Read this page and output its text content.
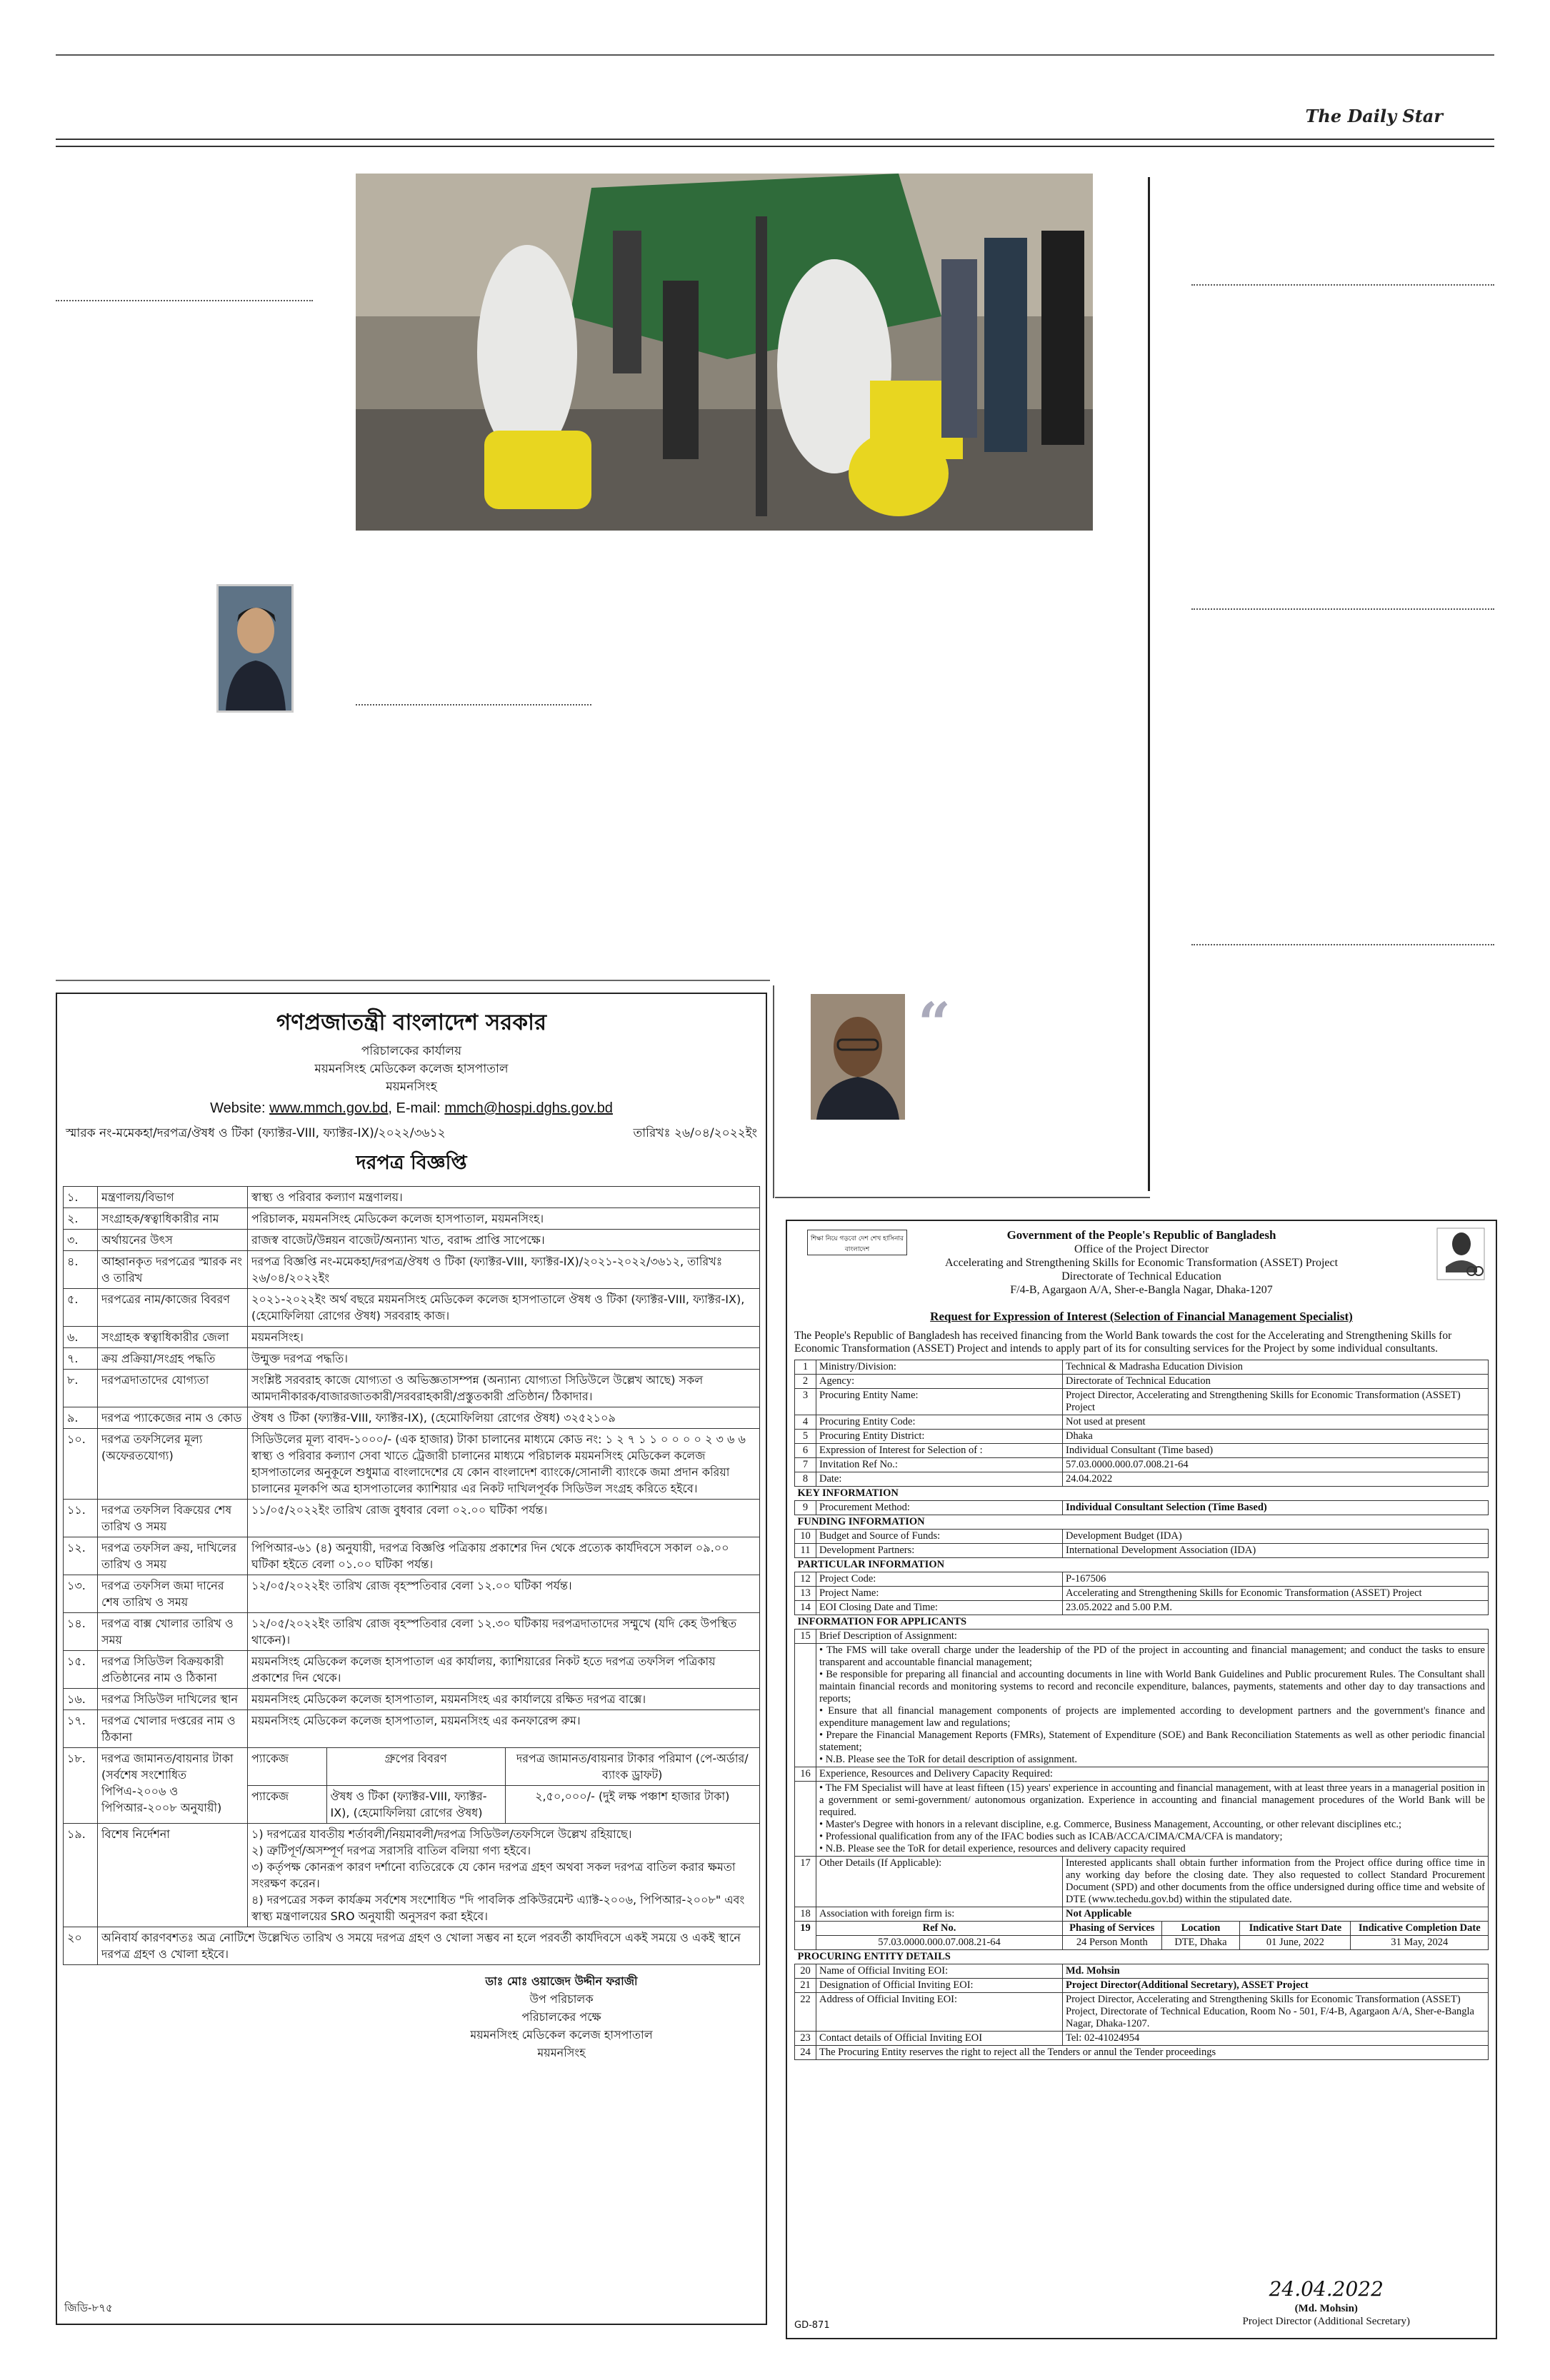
The Daily Star
“
গণপ্রজাতন্ত্রী বাংলাদেশ সরকার
পরিচালকের কার্যালয়
ময়মনসিংহ মেডিকেল কলেজ হাসপাতাল
ময়মনসিংহ
Website: www.mmch.gov.bd, E-mail: mmch@hospi.dghs.gov.bd
স্মারক নং-মমেকহা/দরপত্র/ঔষধ ও টিকা (ফ্যাক্টর-VIII, ফ্যাক্টর-IX)/২০২২/৩৬১২	তারিখঃ ২৬/০৪/২০২২ইং
দরপত্র বিজ্ঞপ্তি
১.	মন্ত্রণালয়/বিভাগ	স্বাস্থ্য ও পরিবার কল্যাণ মন্ত্রণালয়।
২.	সংগ্রাহক/স্বত্বাধিকারীর নাম	পরিচালক, ময়মনসিংহ মেডিকেল কলেজ হাসপাতাল, ময়মনসিংহ।
৩.	অর্থায়নের উৎস	রাজস্ব বাজেট/উন্নয়ন বাজেট/অন্যান্য খাত, বরাদ্দ প্রাপ্তি সাপেক্ষে।
৪.	আহ্বানকৃত দরপত্রের স্মারক নং ও তারিখ	দরপত্র বিজ্ঞপ্তি নং-মমেকহা/দরপত্র/ঔষধ ও টিকা (ফ্যাক্টর-VIII, ফ্যাক্টর-IX)/২০২১-২০২২/৩৬১২, তারিখঃ ২৬/০৪/২০২২ইং
৫.	দরপত্রের নাম/কাজের বিবরণ	২০২১-২০২২ইং অর্থ বছরে ময়মনসিংহ মেডিকেল কলেজ হাসপাতালে ঔষধ ও টিকা (ফ্যাক্টর-VIII, ফ্যাক্টর-IX), (হেমোফিলিয়া রোগের ঔষধ) সরবরাহ কাজ।
৬.	সংগ্রাহক স্বত্বাধিকারীর জেলা	ময়মনসিংহ।
৭.	ক্রয় প্রক্রিয়া/সংগ্রহ পদ্ধতি	উন্মুক্ত দরপত্র পদ্ধতি।
৮.	দরপত্রদাতাদের যোগ্যতা	সংশ্লিষ্ট সরবরাহ কাজে যোগ্যতা ও অভিজ্ঞতাসম্পন্ন (অন্যান্য যোগ্যতা সিডিউলে উল্লেখ আছে) সকল আমদানীকারক/বাজারজাতকারী/সরবরাহকারী/প্রস্তুতকারী প্রতিষ্ঠান/ ঠিকাদার।
৯.	দরপত্র প্যাকেজের নাম ও কোড	ঔষধ ও টিকা (ফ্যাক্টর-VIII, ফ্যাক্টর-IX), (হেমোফিলিয়া রোগের ঔষধ) ৩২৫২১০৯
১০.	দরপত্র তফসিলের মূল্য (অফেরতযোগ্য)	সিডিউলের মূল্য বাবদ-১০০০/- (এক হাজার) টাকা চালানের মাধ্যমে কোড নং: ১ ২ ৭ ১ ১ ০ ০ ০ ০ ২ ৩ ৬ ৬ স্বাস্থ্য ও পরিবার কল্যাণ সেবা খাতে ট্রেজারী চালানের মাধ্যমে পরিচালক ময়মনসিংহ মেডিকেল কলেজ হাসপাতালের অনুকূলে শুধুমাত্র বাংলাদেশের যে কোন বাংলাদেশ ব্যাংকে/সোনালী ব্যাংকে জমা প্রদান করিয়া চালানের মূলকপি অত্র হাসপাতালের ক্যাশিয়ার এর নিকট দাখিলপূর্বক সিডিউল সংগ্রহ করিতে হইবে।
১১.	দরপত্র তফসিল বিক্রয়ের শেষ তারিখ ও সময়	১১/০৫/২০২২ইং তারিখ রোজ বুধবার বেলা ০২.০০ ঘটিকা পর্যন্ত।
১২.	দরপত্র তফসিল ক্রয়, দাখিলের তারিখ ও সময়	পিপিআর-৬১ (৪) অনুযায়ী, দরপত্র বিজ্ঞপ্তি পত্রিকায় প্রকাশের দিন থেকে প্রত্যেক কার্যদিবসে সকাল ০৯.০০ ঘটিকা হইতে বেলা ০১.০০ ঘটিকা পর্যন্ত।
১৩.	দরপত্র তফসিল জমা দানের শেষ তারিখ ও সময়	১২/০৫/২০২২ইং তারিখ রোজ বৃহস্পতিবার বেলা ১২.০০ ঘটিকা পর্যন্ত।
১৪.	দরপত্র বাক্স খোলার তারিখ ও সময়	১২/০৫/২০২২ইং তারিখ রোজ বৃহস্পতিবার বেলা ১২.৩০ ঘটিকায় দরপত্রদাতাদের সম্মুখে (যদি কেহ উপস্থিত থাকেন)।
১৫.	দরপত্র সিডিউল বিক্রয়কারী প্রতিষ্ঠানের নাম ও ঠিকানা	ময়মনসিংহ মেডিকেল কলেজ হাসপাতাল এর কার্যালয়, ক্যাশিয়ারের নিকট হতে দরপত্র তফসিল পত্রিকায় প্রকাশের দিন থেকে।
১৬.	দরপত্র সিডিউল দাখিলের স্থান	ময়মনসিংহ মেডিকেল কলেজ হাসপাতাল, ময়মনসিংহ এর কার্যালয়ে রক্ষিত দরপত্র বাক্সে।
১৭.	দরপত্র খোলার দপ্তরের নাম ও ঠিকানা	ময়মনসিংহ মেডিকেল কলেজ হাসপাতাল, ময়মনসিংহ এর কনফারেন্স রুম।
১৮.	দরপত্র জামানত/বায়নার টাকা (সর্বশেষ সংশোধিত পিপিএ-২০০৬ ও পিপিআর-২০০৮ অনুযায়ী)	
প্যাকেজ	গ্রুপের বিবরণ	দরপত্র জামানত/বায়নার টাকার পরিমাণ (পে-অর্ডার/ব্যাংক ড্রাফট)
প্যাকেজ	ঔষধ ও টিকা (ফ্যাক্টর-VIII, ফ্যাক্টর-IX), (হেমোফিলিয়া রোগের ঔষধ)	২,৫০,০০০/- (দুই লক্ষ পঞ্চাশ হাজার টাকা)

১৯.	বিশেষ নির্দেশনা	১) দরপত্রের যাবতীয় শর্তাবলী/নিয়মাবলী/দরপত্র সিডিউল/তফসিলে উল্লেখ রহিয়াছে।
২) ত্রুটিপূর্ণ/অসম্পূর্ণ দরপত্র সরাসরি বাতিল বলিয়া গণ্য হইবে।
৩) কর্তৃপক্ষ কোনরূপ কারণ দর্শানো ব্যতিরেকে যে কোন দরপত্র গ্রহণ অথবা সকল দরপত্র বাতিল করার ক্ষমতা সংরক্ষণ করেন।
৪) দরপত্রের সকল কার্যক্রম সর্বশেষ সংশোধিত "দি পাবলিক প্রকিউরমেন্ট এ্যাক্ট-২০০৬, পিপিআর-২০০৮" এবং স্বাস্থ্য মন্ত্রণালয়ের SRO অনুযায়ী অনুসরণ করা হইবে।

২০	অনিবার্য কারণবশতঃ অত্র নোটিশে উল্লেখিত তারিখ ও সময়ে দরপত্র গ্রহণ ও খোলা সম্ভব না হলে পরবর্তী কার্যদিবসে একই সময়ে ও একই স্থানে দরপত্র গ্রহণ ও খোলা হইবে।
ডাঃ মোঃ ওয়াজেদ উদ্দীন ফরাজী
উপ পরিচালক
পরিচালকের পক্ষে
ময়মনসিংহ মেডিকেল কলেজ হাসপাতাল
ময়মনসিংহ
জিডি-৮৭৫
শিক্ষা নিয়ে গড়বো দেশ শেখ হাসিনার বাংলাদেশ
Government of the People's Republic of Bangladesh
Office of the Project Director
Accelerating and Strengthening Skills for Economic Transformation (ASSET) Project
Directorate of Technical Education
F/4-B, Agargaon A/A, Sher-e-Bangla Nagar, Dhaka-1207
Request for Expression of Interest (Selection of Financial Management Specialist)
The People's Republic of Bangladesh has received financing from the World Bank towards the cost for the Accelerating and Strengthening Skills for Economic Transformation (ASSET) Project and intends to apply part of its for consulting services for the Project by some individual consultants.
1	Ministry/Division:	Technical & Madrasha Education Division			
2	Agency:	Directorate of Technical Education			
3	Procuring Entity Name:	Project Director, Accelerating and Strengthening Skills for Economic Transformation (ASSET) Project			
4	Procuring Entity Code:	Not used at present			
5	Procuring Entity District:	Dhaka			
6	Expression of Interest for Selection of :	Individual Consultant (Time based)			
7	Invitation Ref No.:	57.03.0000.000.07.008.21-64			
8	Date:	24.04.2022			
KEY INFORMATION					
9	Procurement Method:	Individual Consultant Selection (Time Based)			
FUNDING INFORMATION					
10	Budget and Source of Funds:	Development Budget (IDA)			
11	Development Partners:	International Development Association (IDA)			
PARTICULAR INFORMATION					
12	Project Code:	P-167506			
13	Project Name:	Accelerating and Strengthening Skills for Economic Transformation (ASSET) Project			
14	EOI Closing Date and Time:	23.05.2022 and 5.00 P.M.			
INFORMATION FOR APPLICANTS					
15	Brief Description of Assignment:				

	• The FMS will take overall charge under the leadership of the PD of the project in accounting and financial management; and conduct the tasks to ensure transparent and accountable financial management;
• Be responsible for preparing all financial and accounting documents in line with World Bank Guidelines and Public procurement Rules. The Consultant shall maintain financial records and monitoring systems to record and reconcile expenditure, balances, payments, statements and other day to day transactions and reports;
• Ensure that all financial management components of projects are implemented according to development partners and the government's finance and expenditure management law and regulations;
• Prepare the Financial Management Reports (FMRs), Statement of Expenditure (SOE) and Bank Reconciliation Statements as well as other periodic financial statement;
• N.B. Please see the ToR for detail description of assignment.				

16	Experience, Resources and Delivery Capacity Required:				

	• The FM Specialist will have at least fifteen (15) years' experience in accounting and financial management, with at least three years in a managerial position in a government or semi-government/ autonomous organization. Experience in accounting and financial management procedures of the World Bank will be required.
• Master's Degree with honors in a relevant discipline, e.g. Commerce, Business Management, Accounting, or other relevant disciplines etc.;
• Professional qualification from any of the IFAC bodies such as ICAB/ACCA/CIMA/CMA/CFA is mandatory;
• N.B. Please see the ToR for detail experience, resources and delivery capacity required				

17	Other Details (If Applicable):	Interested applicants shall obtain further information from the Project office during office time in any working day before the closing date. They also requested to collect Standard Procurement Document (SPD) and other documents from the office undersigned during office time and website of DTE (www.techedu.gov.bd) within the stipulated date.			
18	Association with foreign firm is:	Not Applicable			
19	Ref No.	Phasing of Services	Location	Indicative Start Date	Indicative Completion Date
	57.03.0000.000.07.008.21-64	24 Person Month	DTE, Dhaka	01 June, 2022	31 May, 2024
PROCURING ENTITY DETAILS					
20	Name of Official Inviting EOI:	Md. Mohsin			
21	Designation of Official Inviting EOI:	Project Director(Additional Secretary), ASSET Project			
22	Address of Official Inviting EOI:	Project Director, Accelerating and Strengthening Skills for Economic Transformation (ASSET) Project, Directorate of Technical Education, Room No - 501, F/4-B, Agargaon A/A, Sher-e-Bangla Nagar, Dhaka-1207.			
23	Contact details of Official Inviting EOI	Tel: 02-41024954			
24	The Procuring Entity reserves the right to reject all the Tenders or annul the Tender proceedings				
24.04.2022
(Md. Mohsin)
Project Director (Additional Secretary)
GD-871
